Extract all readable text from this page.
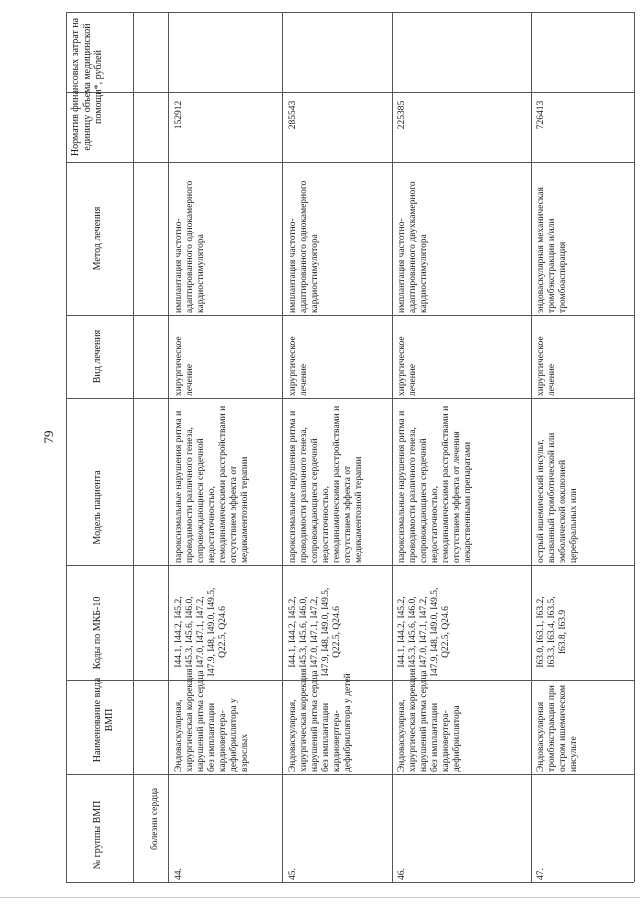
79
№ группы ВМП
Наименование вида ВМП
Коды по МКБ-10
Модель пациента
Вид лечения
Метод лечения
Норматив финансовых затрат на единицу объема медицинской помощи*, рублей
болезни сердца
44.
Эндоваскулярная, хирургическая коррекция нарушений ритма сердца без имплантации кардиовертера-дефибриллятора у взрослых
I44.1, I44.2, I45.2, I45.3, I45.6, I46.0, I47.0, I47.1, I47.2, I47.9, I48, I49.0, I49.5, Q22.5, Q24.6
пароксизмальные нарушения ритма и проводимости различного генеза, сопровождающиеся сердечной недостаточностью, гемодинамическими расстройствами и отсутствием эффекта от медикаментозной терапии
хирургическое лечение
имплантация частотно-адаптированного однокамерного кардиостимулятора
152912
45.
Эндоваскулярная, хирургическая коррекция нарушений ритма сердца без имплантации кардиовертера-дефибриллятора у детей
I44.1, I44.2, I45.2, I45.3, I45.6, I46.0, I47.0, I47.1, I47.2, I47.9, I48, I49.0, I49.5, Q22.5, Q24.6
пароксизмальные нарушения ритма и проводимости различного генеза, сопровождающиеся сердечной недостаточностью, гемодинамическими расстройствами и отсутствием эффекта от медикаментозной терапии
хирургическое лечение
имплантация частотно-адаптированного однокамерного кардиостимулятора
285543
46.
Эндоваскулярная, хирургическая коррекция нарушений ритма сердца без имплантации кардиовертера-дефибриллятора
I44.1, I44.2, I45.2, I45.3, I45.6, I46.0, I47.0, I47.1, I47.2, I47.9, I48, I49.0, I49.5, Q22.5, Q24.6
пароксизмальные нарушения ритма и проводимости различного генеза, сопровождающиеся сердечной недостаточностью, гемодинамическими расстройствами и отсутствием эффекта от лечения лекарственными препаратами
хирургическое лечение
имплантация частотно-адаптированного двухкамерного кардиостимулятора
225385
47.
Эндоваскулярная тромбэкстракция при остром ишемическом инсульте
I63.0, I63.1, I63.2, I63.3, I63.4, I63.5, I63.8, I63.9
острый ишемический инсульт, вызванный тромботической или эмболической окклюзией церебральных или
хирургическое лечение
эндоваскулярная механическая тромбэкстракция и/или тромбоаспирация
726413
